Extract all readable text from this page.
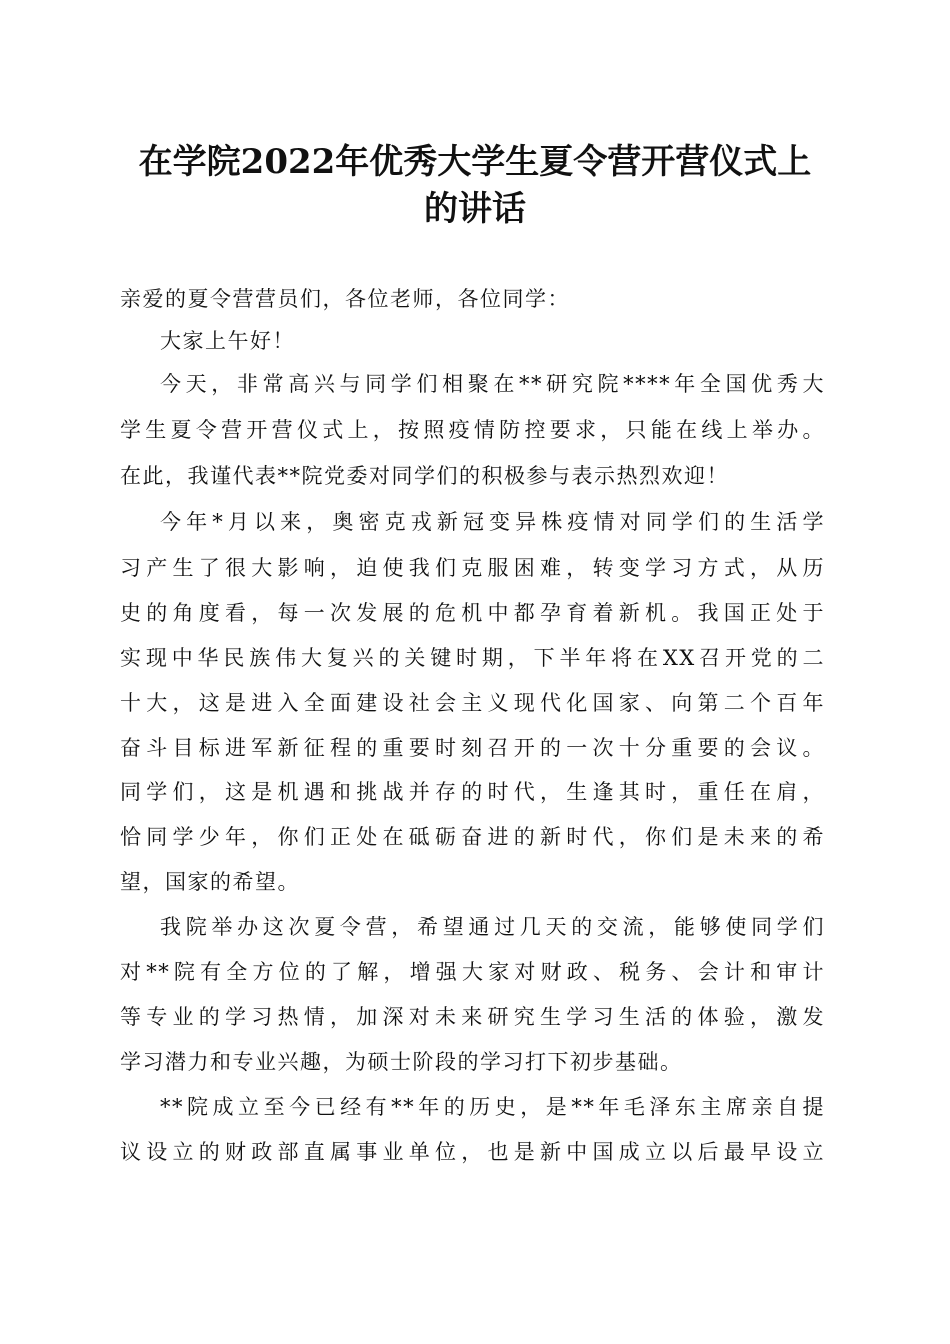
在学院2022年优秀大学生夏令营开营仪式上
的讲话
亲爱的夏令营营员们，各位老师，各位同学：
大家上午好！
今天，非常高兴与同学们相聚在**研究院****年全国优秀大
学生夏令营开营仪式上，按照疫情防控要求，只能在线上举办。
在此，我谨代表**院党委对同学们的积极参与表示热烈欢迎！
今年*月以来，奥密克戎新冠变异株疫情对同学们的生活学
习产生了很大影响，迫使我们克服困难，转变学习方式，从历
史的角度看，每一次发展的危机中都孕育着新机。我国正处于
实现中华民族伟大复兴的关键时期，下半年将在XX召开党的二
十大，这是进入全面建设社会主义现代化国家、向第二个百年
奋斗目标进军新征程的重要时刻召开的一次十分重要的会议。
同学们，这是机遇和挑战并存的时代，生逢其时，重任在肩，
恰同学少年，你们正处在砥砺奋进的新时代，你们是未来的希
望，国家的希望。
我院举办这次夏令营，希望通过几天的交流，能够使同学们
对**院有全方位的了解，增强大家对财政、税务、会计和审计
等专业的学习热情，加深对未来研究生学习生活的体验，激发
学习潜力和专业兴趣，为硕士阶段的学习打下初步基础。
**院成立至今已经有**年的历史，是**年毛泽东主席亲自提
议设立的财政部直属事业单位，也是新中国成立以后最早设立
